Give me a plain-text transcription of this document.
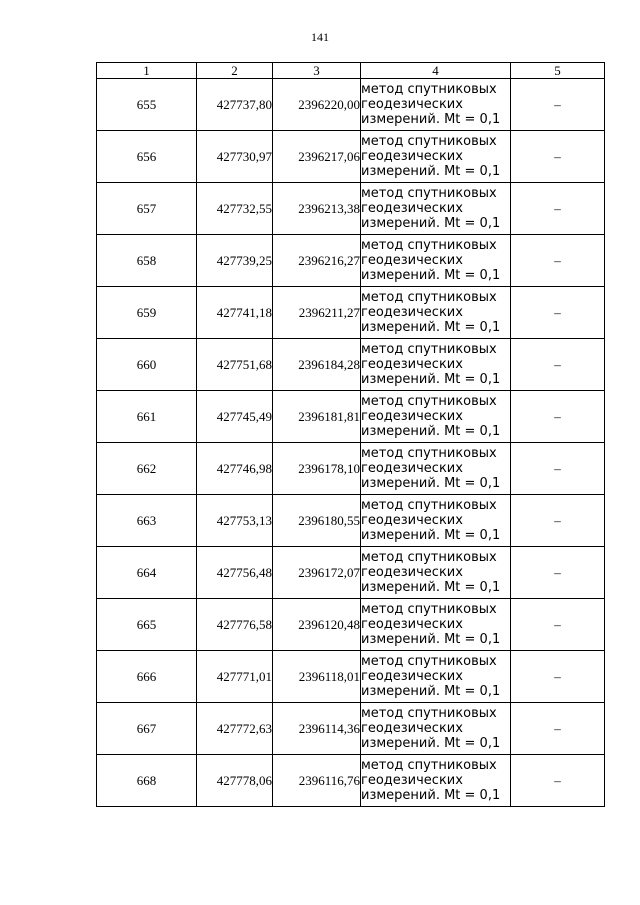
141
1	2	3	4	5
655	427737,80	2396220,00	метод спутниковых
геодезических
измерений. Mt = 0,1	–
656	427730,97	2396217,06	метод спутниковых
геодезических
измерений. Mt = 0,1	–
657	427732,55	2396213,38	метод спутниковых
геодезических
измерений. Mt = 0,1	–
658	427739,25	2396216,27	метод спутниковых
геодезических
измерений. Mt = 0,1	–
659	427741,18	2396211,27	метод спутниковых
геодезических
измерений. Mt = 0,1	–
660	427751,68	2396184,28	метод спутниковых
геодезических
измерений. Mt = 0,1	–
661	427745,49	2396181,81	метод спутниковых
геодезических
измерений. Mt = 0,1	–
662	427746,98	2396178,10	метод спутниковых
геодезических
измерений. Mt = 0,1	–
663	427753,13	2396180,55	метод спутниковых
геодезических
измерений. Mt = 0,1	–
664	427756,48	2396172,07	метод спутниковых
геодезических
измерений. Mt = 0,1	–
665	427776,58	2396120,48	метод спутниковых
геодезических
измерений. Mt = 0,1	–
666	427771,01	2396118,01	метод спутниковых
геодезических
измерений. Mt = 0,1	–
667	427772,63	2396114,36	метод спутниковых
геодезических
измерений. Mt = 0,1	–
668	427778,06	2396116,76	метод спутниковых
геодезических
измерений. Mt = 0,1	–
